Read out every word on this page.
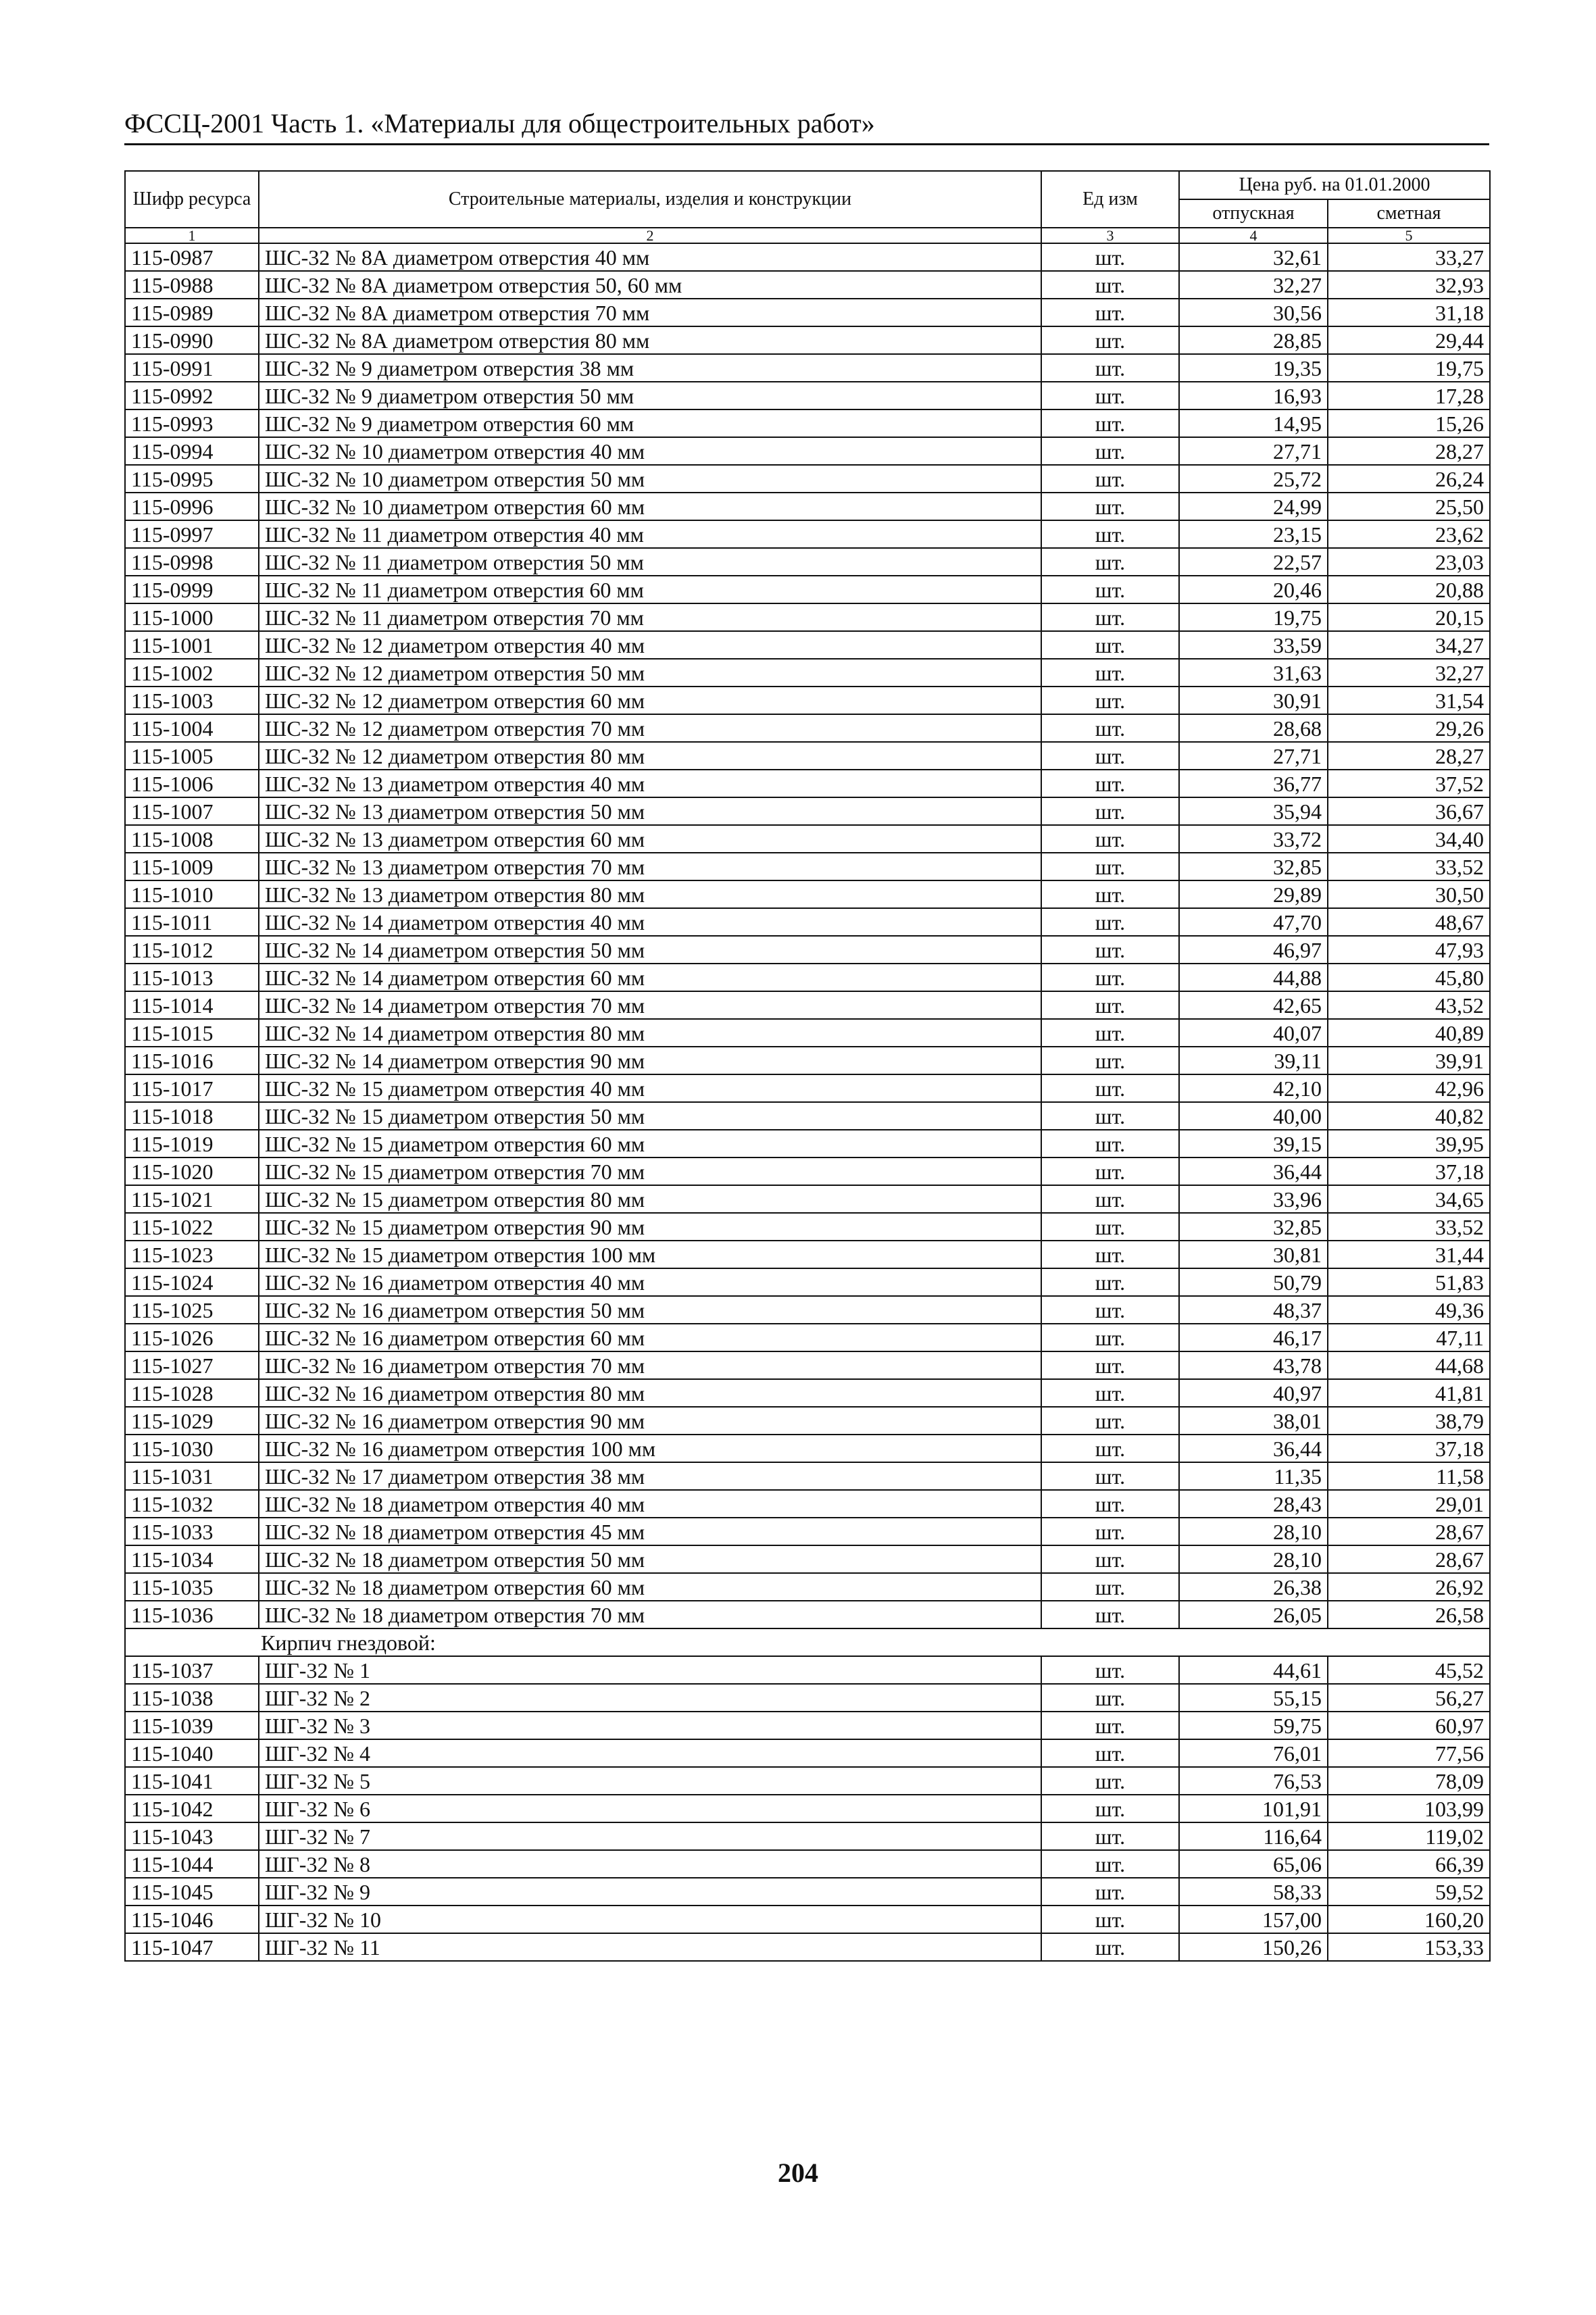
ФССЦ-2001 Часть 1. «Материалы для общестроительных работ»
Шифр ресурса	Строительные материалы, изделия и конструкции	Ед изм	Цена руб. на 01.01.2000	
			отпускная	сметная
1	2	3	4	5
115-0987	ШС-32 № 8А диаметром отверстия 40 мм	шт.	32,61	33,27
115-0988	ШС-32 № 8А диаметром отверстия 50, 60 мм	шт.	32,27	32,93
115-0989	ШС-32 № 8А диаметром отверстия 70 мм	шт.	30,56	31,18
115-0990	ШС-32 № 8А диаметром отверстия 80 мм	шт.	28,85	29,44
115-0991	ШС-32 № 9 диаметром отверстия 38 мм	шт.	19,35	19,75
115-0992	ШС-32 № 9 диаметром отверстия 50 мм	шт.	16,93	17,28
115-0993	ШС-32 № 9 диаметром отверстия 60 мм	шт.	14,95	15,26
115-0994	ШС-32 № 10 диаметром отверстия 40 мм	шт.	27,71	28,27
115-0995	ШС-32 № 10 диаметром отверстия 50 мм	шт.	25,72	26,24
115-0996	ШС-32 № 10 диаметром отверстия 60 мм	шт.	24,99	25,50
115-0997	ШС-32 № 11 диаметром отверстия 40 мм	шт.	23,15	23,62
115-0998	ШС-32 № 11 диаметром отверстия 50 мм	шт.	22,57	23,03
115-0999	ШС-32 № 11 диаметром отверстия 60 мм	шт.	20,46	20,88
115-1000	ШС-32 № 11 диаметром отверстия 70 мм	шт.	19,75	20,15
115-1001	ШС-32 № 12 диаметром отверстия 40 мм	шт.	33,59	34,27
115-1002	ШС-32 № 12 диаметром отверстия 50 мм	шт.	31,63	32,27
115-1003	ШС-32 № 12 диаметром отверстия 60 мм	шт.	30,91	31,54
115-1004	ШС-32 № 12 диаметром отверстия 70 мм	шт.	28,68	29,26
115-1005	ШС-32 № 12 диаметром отверстия 80 мм	шт.	27,71	28,27
115-1006	ШС-32 № 13 диаметром отверстия 40 мм	шт.	36,77	37,52
115-1007	ШС-32 № 13 диаметром отверстия 50 мм	шт.	35,94	36,67
115-1008	ШС-32 № 13 диаметром отверстия 60 мм	шт.	33,72	34,40
115-1009	ШС-32 № 13 диаметром отверстия 70 мм	шт.	32,85	33,52
115-1010	ШС-32 № 13 диаметром отверстия 80 мм	шт.	29,89	30,50
115-1011	ШС-32 № 14 диаметром отверстия 40 мм	шт.	47,70	48,67
115-1012	ШС-32 № 14 диаметром отверстия 50 мм	шт.	46,97	47,93
115-1013	ШС-32 № 14 диаметром отверстия 60 мм	шт.	44,88	45,80
115-1014	ШС-32 № 14 диаметром отверстия 70 мм	шт.	42,65	43,52
115-1015	ШС-32 № 14 диаметром отверстия 80 мм	шт.	40,07	40,89
115-1016	ШС-32 № 14 диаметром отверстия 90 мм	шт.	39,11	39,91
115-1017	ШС-32 № 15 диаметром отверстия 40 мм	шт.	42,10	42,96
115-1018	ШС-32 № 15 диаметром отверстия 50 мм	шт.	40,00	40,82
115-1019	ШС-32 № 15 диаметром отверстия 60 мм	шт.	39,15	39,95
115-1020	ШС-32 № 15 диаметром отверстия 70 мм	шт.	36,44	37,18
115-1021	ШС-32 № 15 диаметром отверстия 80 мм	шт.	33,96	34,65
115-1022	ШС-32 № 15 диаметром отверстия 90 мм	шт.	32,85	33,52
115-1023	ШС-32 № 15 диаметром отверстия 100 мм	шт.	30,81	31,44
115-1024	ШС-32 № 16 диаметром отверстия 40 мм	шт.	50,79	51,83
115-1025	ШС-32 № 16 диаметром отверстия 50 мм	шт.	48,37	49,36
115-1026	ШС-32 № 16 диаметром отверстия 60 мм	шт.	46,17	47,11
115-1027	ШС-32 № 16 диаметром отверстия 70 мм	шт.	43,78	44,68
115-1028	ШС-32 № 16 диаметром отверстия 80 мм	шт.	40,97	41,81
115-1029	ШС-32 № 16 диаметром отверстия 90 мм	шт.	38,01	38,79
115-1030	ШС-32 № 16 диаметром отверстия 100 мм	шт.	36,44	37,18
115-1031	ШС-32 № 17 диаметром отверстия 38 мм	шт.	11,35	11,58
115-1032	ШС-32 № 18 диаметром отверстия 40 мм	шт.	28,43	29,01
115-1033	ШС-32 № 18 диаметром отверстия 45 мм	шт.	28,10	28,67
115-1034	ШС-32 № 18 диаметром отверстия 50 мм	шт.	28,10	28,67
115-1035	ШС-32 № 18 диаметром отверстия 60 мм	шт.	26,38	26,92
115-1036	ШС-32 № 18 диаметром отверстия 70 мм	шт.	26,05	26,58
Кирпич гнездовой:				
115-1037	ШГ-32 № 1	шт.	44,61	45,52
115-1038	ШГ-32 № 2	шт.	55,15	56,27
115-1039	ШГ-32 № 3	шт.	59,75	60,97
115-1040	ШГ-32 № 4	шт.	76,01	77,56
115-1041	ШГ-32 № 5	шт.	76,53	78,09
115-1042	ШГ-32 № 6	шт.	101,91	103,99
115-1043	ШГ-32 № 7	шт.	116,64	119,02
115-1044	ШГ-32 № 8	шт.	65,06	66,39
115-1045	ШГ-32 № 9	шт.	58,33	59,52
115-1046	ШГ-32 № 10	шт.	157,00	160,20
115-1047	ШГ-32 № 11	шт.	150,26	153,33
204
